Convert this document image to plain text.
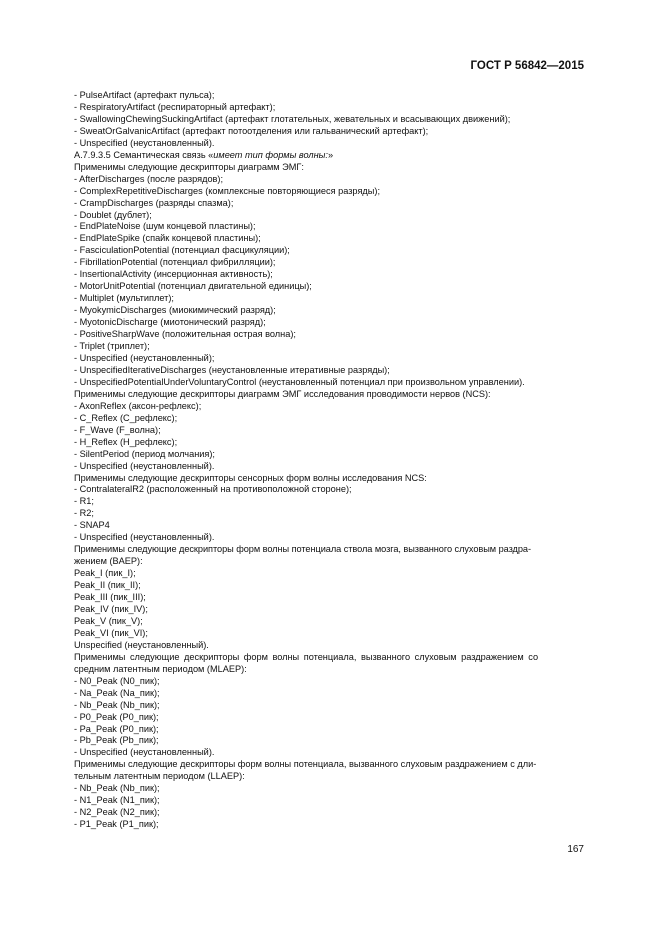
ГОСТ Р 56842—2015
- PulseArtifact (артефакт пульса);
- RespiratoryArtifact (респираторный артефакт);
- SwallowingChewingSuckingArtifact (артефакт глотательных, жевательных и всасывающих движений);
- SweatOrGalvanicArtifact (артефакт потоотделения или гальванический артефакт);
- Unspecified (неустановленный).
A.7.9.3.5 Семантическая связь «имеет тип формы волны:»
Применимы следующие дескрипторы диаграмм ЭМГ:
- AfterDischarges (после разрядов);
- ComplexRepetitiveDischarges (комплексные повторяющиеся разряды);
- CrampDischarges (разряды спазма);
- Doublet (дублет);
- EndPlateNoise (шум концевой пластины);
- EndPlateSpike (спайк концевой пластины);
- FasciculationPotential (потенциал фасцикуляции);
- FibrillationPotential (потенциал фибрилляции);
- InsertionalActivity (инсерционная активность);
- MotorUnitPotential (потенциал двигательной единицы);
- Multiplet (мультиплет);
- MyokymicDischarges (миокимический разряд);
- MyotonicDischarge (миотонический разряд);
- PositiveSharpWave (положительная острая волна);
- Triplet (триплет);
- Unspecified (неустановленный);
- UnspecifiedIterativeDischarges (неустановленные итеративные разряды);
- UnspecifiedPotentialUnderVoluntaryControl (неустановленный потенциал при произвольном управлении).
Применимы следующие дескрипторы диаграмм ЭМГ исследования проводимости нервов (NCS):
- AxonReflex (аксон-рефлекс);
- C_Reflex (С_рефлекс);
- F_Wave (F_волна);
- H_Reflex (Н_рефлекс);
- SilentPeriod (период молчания);
- Unspecified (неустановленный).
Применимы следующие дескрипторы сенсорных форм волны исследования NCS:
- ContralateralR2 (расположенный на противоположной стороне);
- R1;
- R2;
- SNAP4
- Unspecified (неустановленный).
Применимы следующие дескрипторы форм волны потенциала ствола мозга, вызванного слуховым раздра-
жением (BAEP):
Peak_I (пик_I);
Peak_II (пик_II);
Peak_III (пик_III);
Peak_IV (пик_IV);
Peak_V (пик_V);
Peak_VI (пик_VI);
Unspecified (неустановленный).
Применимы следующие дескрипторы форм волны потенциала, вызванного слуховым раздражением со
средним латентным периодом (MLAEP):
- N0_Peak (N0_пик);
- Na_Peak (Na_пик);
- Nb_Peak (Nb_пик);
- P0_Peak (P0_пик);
- Pa_Peak (P0_пик);
- Pb_Peak (Pb_пик);
- Unspecified (неустановленный).
Применимы следующие дескрипторы форм волны потенциала, вызванного слуховым раздражением с дли-
тельным латентным периодом (LLAEP):
- Nb_Peak (Nb_пик);
- N1_Peak (N1_пик);
- N2_Peak (N2_пик);
- P1_Peak (P1_пик);
167
